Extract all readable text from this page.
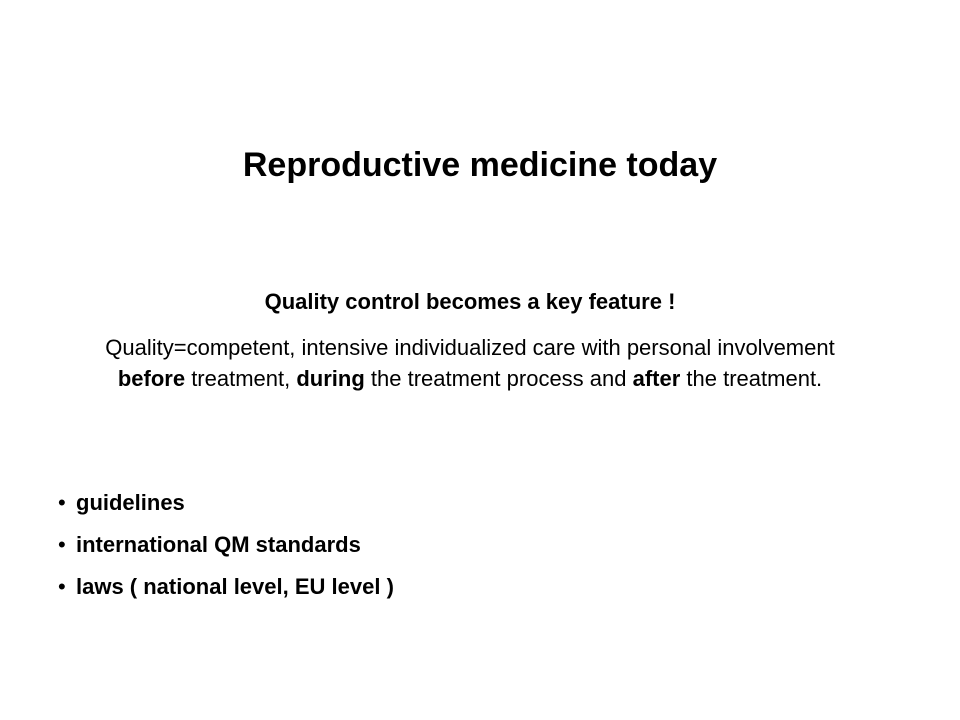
Reproductive medicine today

Quality control becomes a key feature !

Quality=competent, intensive individualized care with personal involvement before treatment, during the treatment process and after the treatment.

• guidelines
• international QM standards
• laws ( national level, EU level )
